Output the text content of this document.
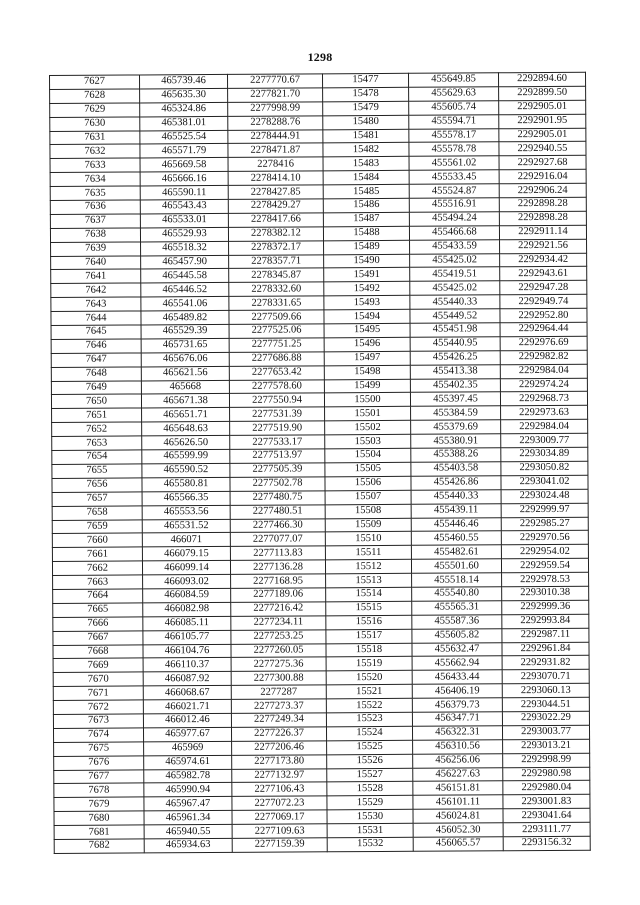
1298
7627	465739.46	2277770.67	15477	455649.85	2292894.60
7628	465635.30	2277821.70	15478	455629.63	2292899.50
7629	465324.86	2277998.99	15479	455605.74	2292905.01
7630	465381.01	2278288.76	15480	455594.71	2292901.95
7631	465525.54	2278444.91	15481	455578.17	2292905.01
7632	465571.79	2278471.87	15482	455578.78	2292940.55
7633	465669.58	2278416	15483	455561.02	2292927.68
7634	465666.16	2278414.10	15484	455533.45	2292916.04
7635	465590.11	2278427.85	15485	455524.87	2292906.24
7636	465543.43	2278429.27	15486	455516.91	2292898.28
7637	465533.01	2278417.66	15487	455494.24	2292898.28
7638	465529.93	2278382.12	15488	455466.68	2292911.14
7639	465518.32	2278372.17	15489	455433.59	2292921.56
7640	465457.90	2278357.71	15490	455425.02	2292934.42
7641	465445.58	2278345.87	15491	455419.51	2292943.61
7642	465446.52	2278332.60	15492	455425.02	2292947.28
7643	465541.06	2278331.65	15493	455440.33	2292949.74
7644	465489.82	2277509.66	15494	455449.52	2292952.80
7645	465529.39	2277525.06	15495	455451.98	2292964.44
7646	465731.65	2277751.25	15496	455440.95	2292976.69
7647	465676.06	2277686.88	15497	455426.25	2292982.82
7648	465621.56	2277653.42	15498	455413.38	2292984.04
7649	465668	2277578.60	15499	455402.35	2292974.24
7650	465671.38	2277550.94	15500	455397.45	2292968.73
7651	465651.71	2277531.39	15501	455384.59	2292973.63
7652	465648.63	2277519.90	15502	455379.69	2292984.04
7653	465626.50	2277533.17	15503	455380.91	2293009.77
7654	465599.99	2277513.97	15504	455388.26	2293034.89
7655	465590.52	2277505.39	15505	455403.58	2293050.82
7656	465580.81	2277502.78	15506	455426.86	2293041.02
7657	465566.35	2277480.75	15507	455440.33	2293024.48
7658	465553.56	2277480.51	15508	455439.11	2292999.97
7659	465531.52	2277466.30	15509	455446.46	2292985.27
7660	466071	2277077.07	15510	455460.55	2292970.56
7661	466079.15	2277113.83	15511	455482.61	2292954.02
7662	466099.14	2277136.28	15512	455501.60	2292959.54
7663	466093.02	2277168.95	15513	455518.14	2292978.53
7664	466084.59	2277189.06	15514	455540.80	2293010.38
7665	466082.98	2277216.42	15515	455565.31	2292999.36
7666	466085.11	2277234.11	15516	455587.36	2292993.84
7667	466105.77	2277253.25	15517	455605.82	2292987.11
7668	466104.76	2277260.05	15518	455632.47	2292961.84
7669	466110.37	2277275.36	15519	455662.94	2292931.82
7670	466087.92	2277300.88	15520	456433.44	2293070.71
7671	466068.67	2277287	15521	456406.19	2293060.13
7672	466021.71	2277273.37	15522	456379.73	2293044.51
7673	466012.46	2277249.34	15523	456347.71	2293022.29
7674	465977.67	2277226.37	15524	456322.31	2293003.77
7675	465969	2277206.46	15525	456310.56	2293013.21
7676	465974.61	2277173.80	15526	456256.06	2292998.99
7677	465982.78	2277132.97	15527	456227.63	2292980.98
7678	465990.94	2277106.43	15528	456151.81	2292980.04
7679	465967.47	2277072.23	15529	456101.11	2293001.83
7680	465961.34	2277069.17	15530	456024.81	2293041.64
7681	465940.55	2277109.63	15531	456052.30	2293111.77
7682	465934.63	2277159.39	15532	456065.57	2293156.32
